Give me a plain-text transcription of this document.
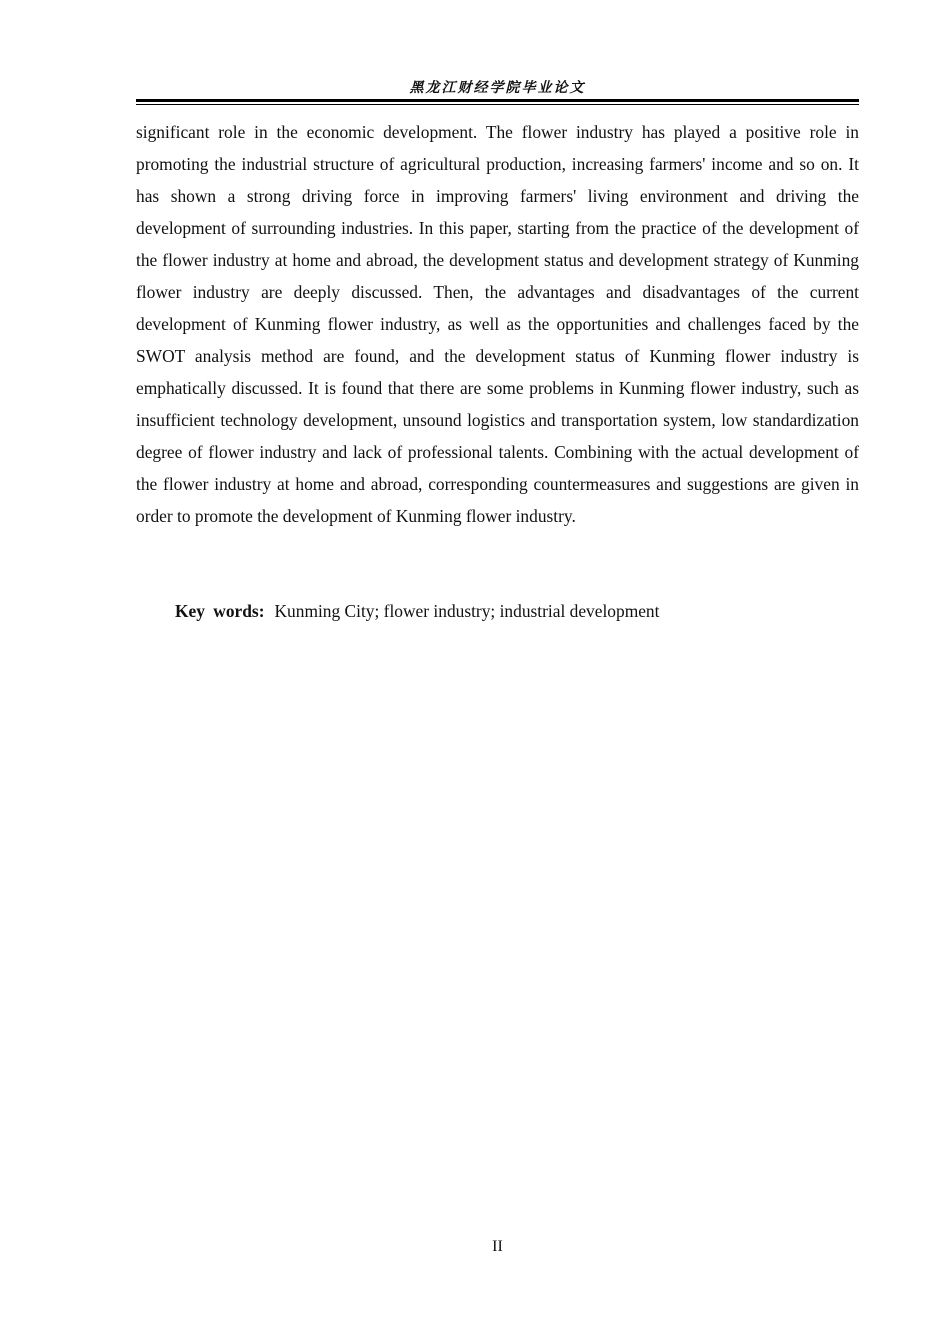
黑龙江财经学院毕业论文

significant role in the economic development. The flower industry has played a positive role in promoting the industrial structure of agricultural production, increasing farmers' income and so on. It has shown a strong driving force in improving farmers' living environment and driving the development of surrounding industries. In this paper, starting from the practice of the development of the flower industry at home and abroad, the development status and development strategy of Kunming flower industry are deeply discussed. Then, the advantages and disadvantages of the current development of Kunming flower industry, as well as the opportunities and challenges faced by the SWOT analysis method are found, and the development status of Kunming flower industry is emphatically discussed. It is found that there are some problems in Kunming flower industry, such as insufficient technology development, unsound logistics and transportation system, low standardization degree of flower industry and lack of professional talents. Combining with the actual development of the flower industry at home and abroad, corresponding countermeasures and suggestions are given in order to promote the development of Kunming flower industry.

Key words: Kunming City; flower industry; industrial development
II
